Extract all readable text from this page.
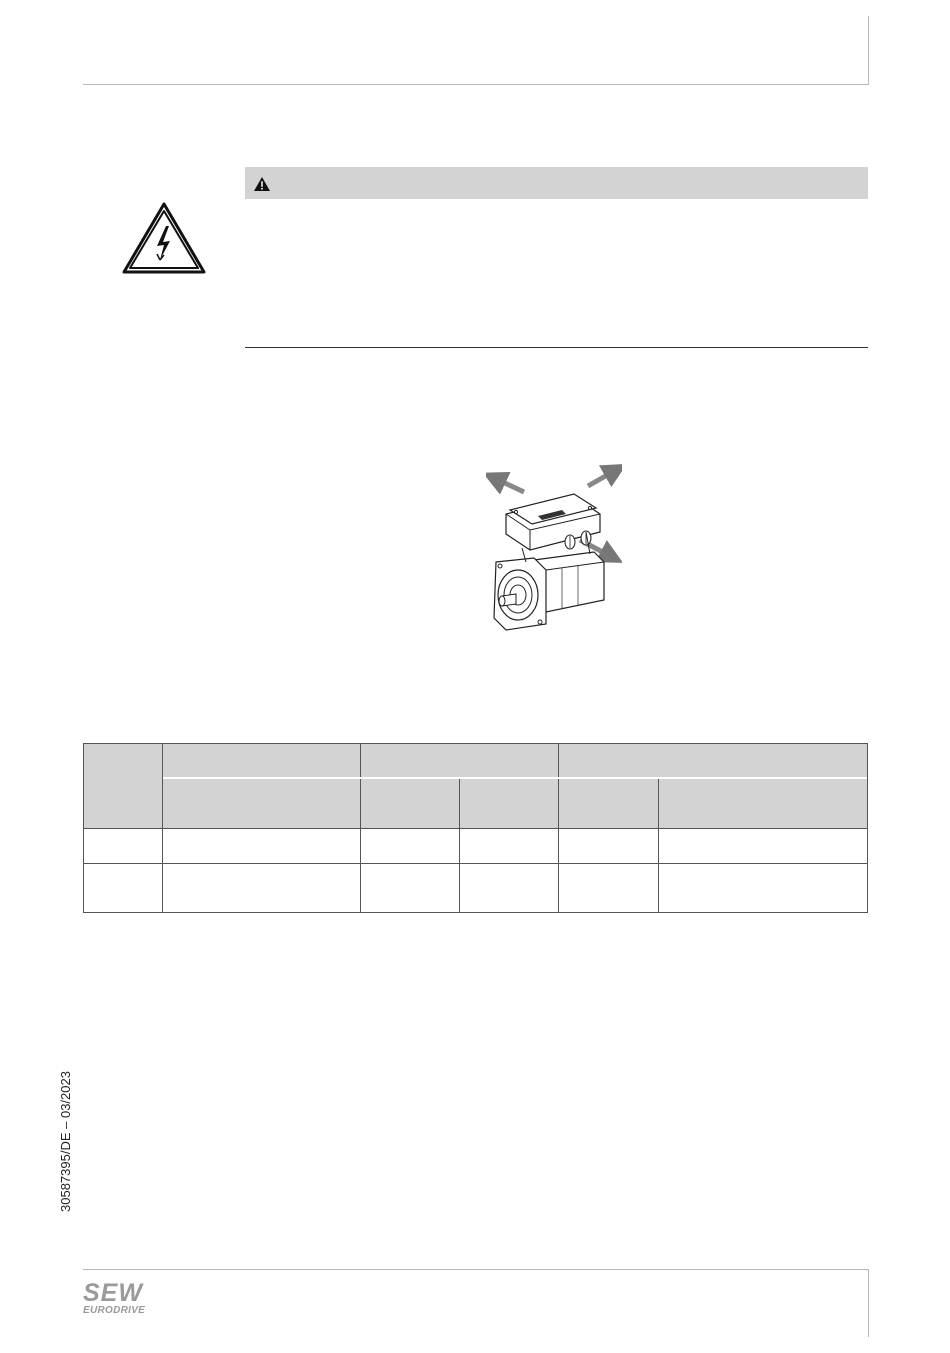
30587395/DE – 03/2023
SEW
EURODRIVE
